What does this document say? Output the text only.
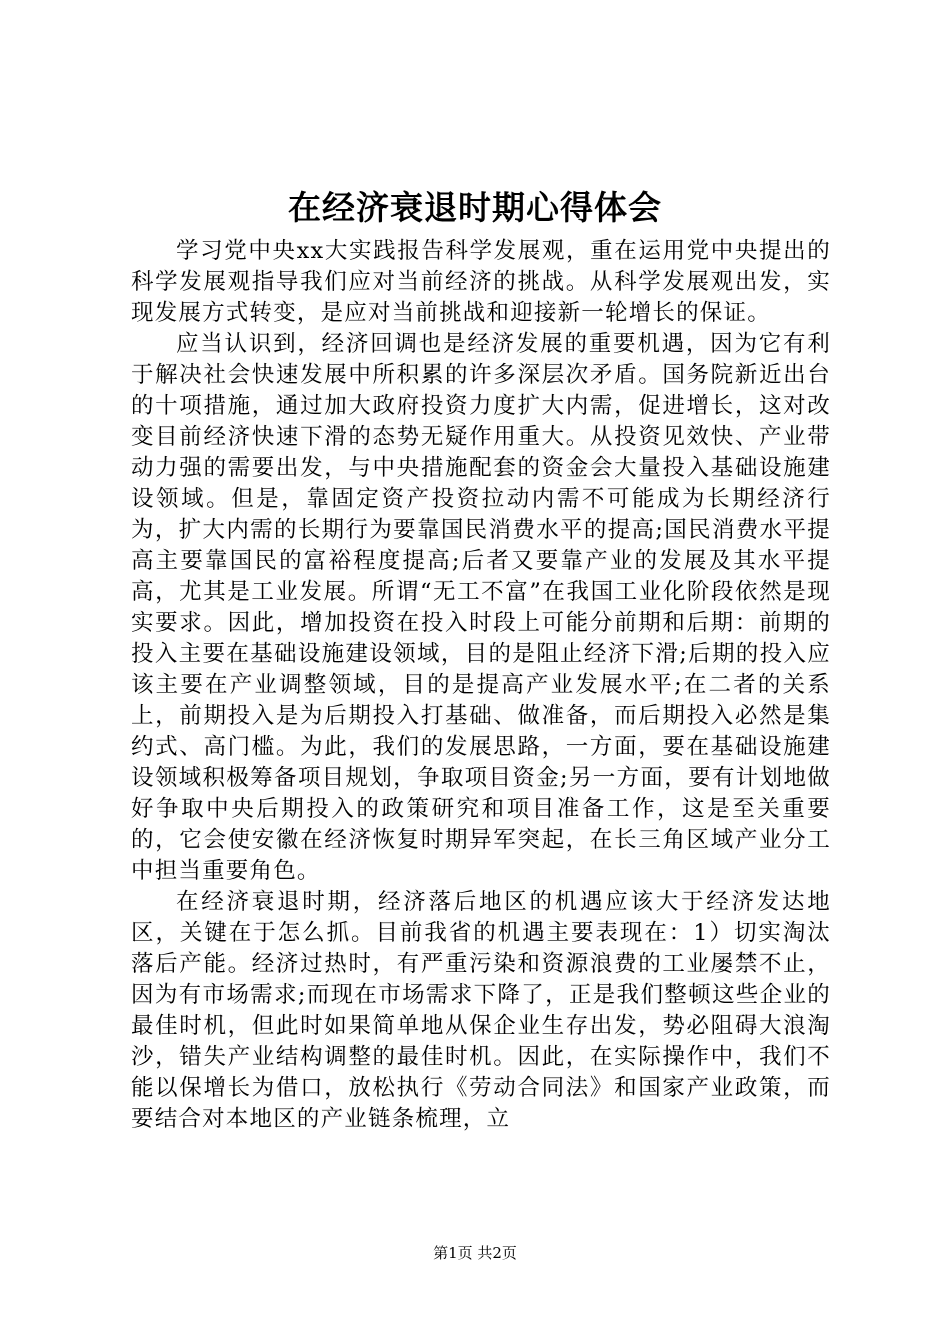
在经济衰退时期心得体会

学习党中央xx大实践报告科学发展观，重在运用党中央提出的科学发展观指导我们应对当前经济的挑战。从科学发展观出发，实现发展方式转变，是应对当前挑战和迎接新一轮增长的保证。

应当认识到，经济回调也是经济发展的重要机遇，因为它有利于解决社会快速发展中所积累的许多深层次矛盾。国务院新近出台的十项措施，通过加大政府投资力度扩大内需，促进增长，这对改变目前经济快速下滑的态势无疑作用重大。从投资见效快、产业带动力强的需要出发，与中央措施配套的资金会大量投入基础设施建设领域。但是，靠固定资产投资拉动内需不可能成为长期经济行为，扩大内需的长期行为要靠国民消费水平的提高;国民消费水平提高主要靠国民的富裕程度提高;后者又要靠产业的发展及其水平提高，尤其是工业发展。所谓“无工不富”在我国工业化阶段依然是现实要求。因此，增加投资在投入时段上可能分前期和后期：前期的投入主要在基础设施建设领域，目的是阻止经济下滑;后期的投入应该主要在产业调整领域，目的是提高产业发展水平;在二者的关系上，前期投入是为后期投入打基础、做准备，而后期投入必然是集约式、高门槛。为此，我们的发展思路，一方面，要在基础设施建设领域积极筹备项目规划，争取项目资金;另一方面，要有计划地做好争取中央后期投入的政策研究和项目准备工作，这是至关重要的，它会使安徽在经济恢复时期异军突起，在长三角区域产业分工中担当重要角色。

在经济衰退时期，经济落后地区的机遇应该大于经济发达地区，关键在于怎么抓。目前我省的机遇主要表现在：1）切实淘汰落后产能。经济过热时，有严重污染和资源浪费的工业屡禁不止，因为有市场需求;而现在市场需求下降了，正是我们整顿这些企业的最佳时机，但此时如果简单地从保企业生存出发，势必阻碍大浪淘沙，错失产业结构调整的最佳时机。因此，在实际操作中，我们不能以保增长为借口，放松执行《劳动合同法》和国家产业政策，而要结合对本地区的产业链条梳理，立

第1页 共2页
